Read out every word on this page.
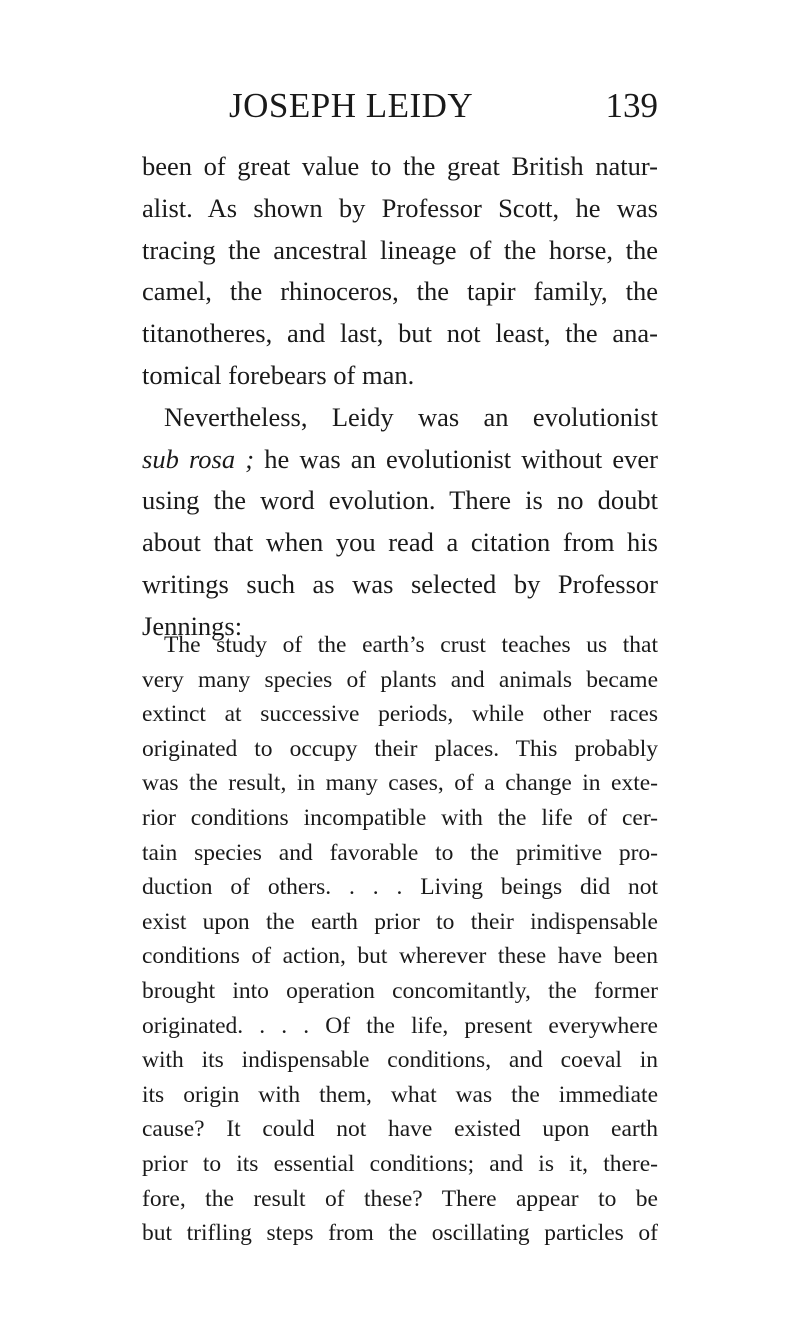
JOSEPH LEIDY	139
been of great value to the great British natur-
alist. As shown by Professor Scott, he was
tracing the ancestral lineage of the horse, the
camel, the rhinoceros, the tapir family, the
titanotheres, and last, but not least, the ana-
tomical forebears of man.
Nevertheless, Leidy was an evolutionist
sub rosa ; he was an evolutionist without ever
using the word evolution. There is no doubt
about that when you read a citation from his
writings such as was selected by Professor
Jennings:
The study of the earth’s crust teaches us that
very many species of plants and animals became
extinct at successive periods, while other races
originated to occupy their places. This probably
was the result, in many cases, of a change in exte-
rior conditions incompatible with the life of cer-
tain species and favorable to the primitive pro-
duction of others. . . . Living beings did not
exist upon the earth prior to their indispensable
conditions of action, but wherever these have been
brought into operation concomitantly, the former
originated. . . . Of the life, present everywhere
with its indispensable conditions, and coeval in
its origin with them, what was the immediate
cause? It could not have existed upon earth
prior to its essential conditions; and is it, there-
fore, the result of these? There appear to be
but trifling steps from the oscillating particles of
